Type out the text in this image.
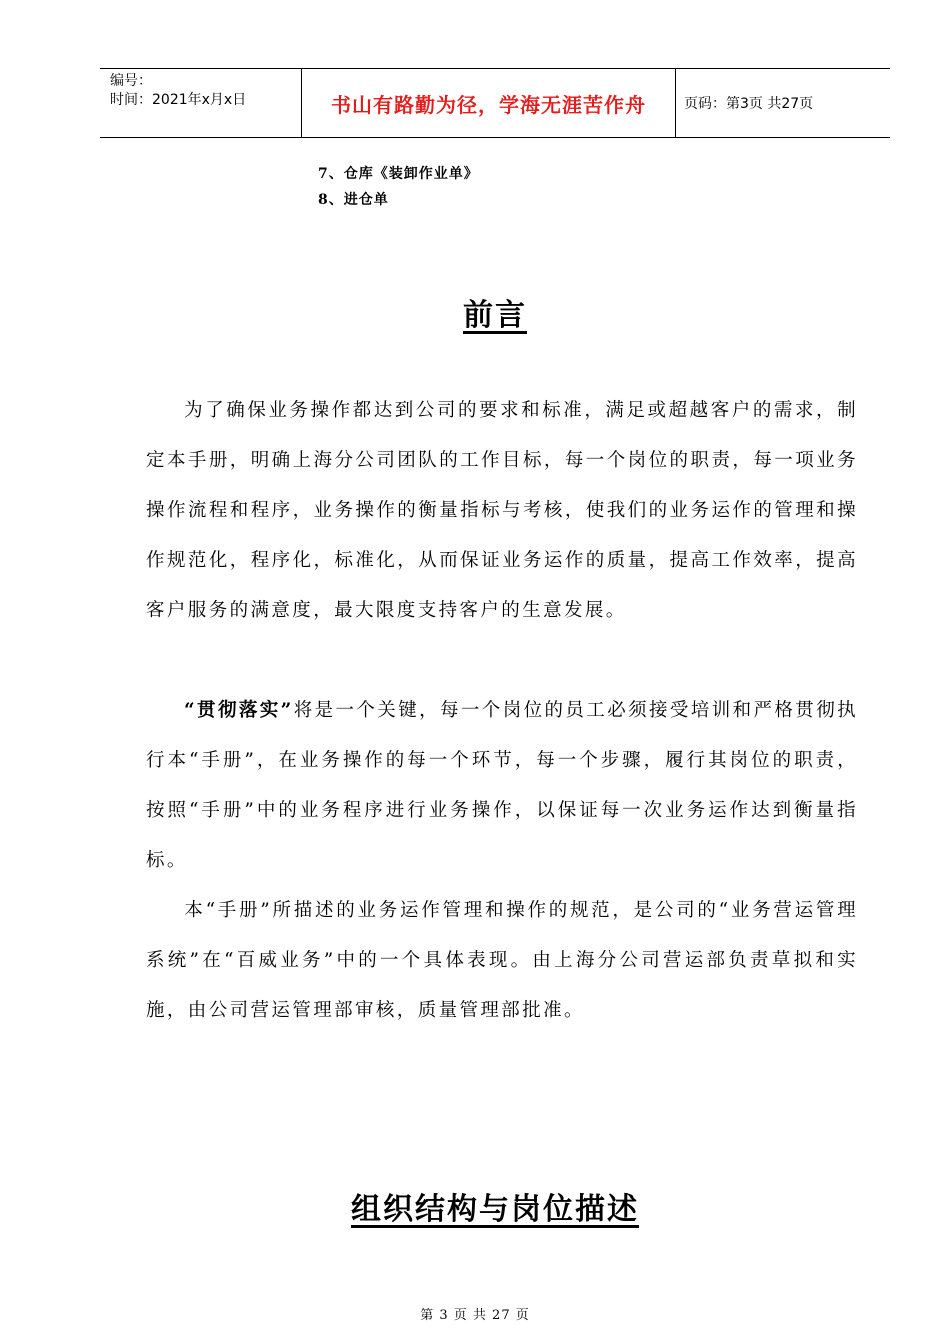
编号：
时间：2021年x月x日	书山有路勤为径，学海无涯苦作舟	页码：第3页 共27页
7、仓库《装卸作业单》
8、进仓单
前言

为了确保业务操作都达到公司的要求和标准，满足或超越客户的需求，制定本手册，明确上海分公司团队的工作目标，每一个岗位的职责，每一项业务操作流程和程序，业务操作的衡量指标与考核，使我们的业务运作的管理和操作规范化，程序化，标准化，从而保证业务运作的质量，提高工作效率，提高客户服务的满意度，最大限度支持客户的生意发展。

“贯彻落实”将是一个关键，每一个岗位的员工必须接受培训和严格贯彻执行本“手册”，在业务操作的每一个环节，每一个步骤，履行其岗位的职责，按照“手册”中的业务程序进行业务操作，以保证每一次业务运作达到衡量指标。

本“手册”所描述的业务运作管理和操作的规范，是公司的“业务营运管理系统”在“百威业务”中的一个具体表现。由上海分公司营运部负责草拟和实施，由公司营运管理部审核，质量管理部批准。

组织结构与岗位描述
第 3 页 共 27 页
